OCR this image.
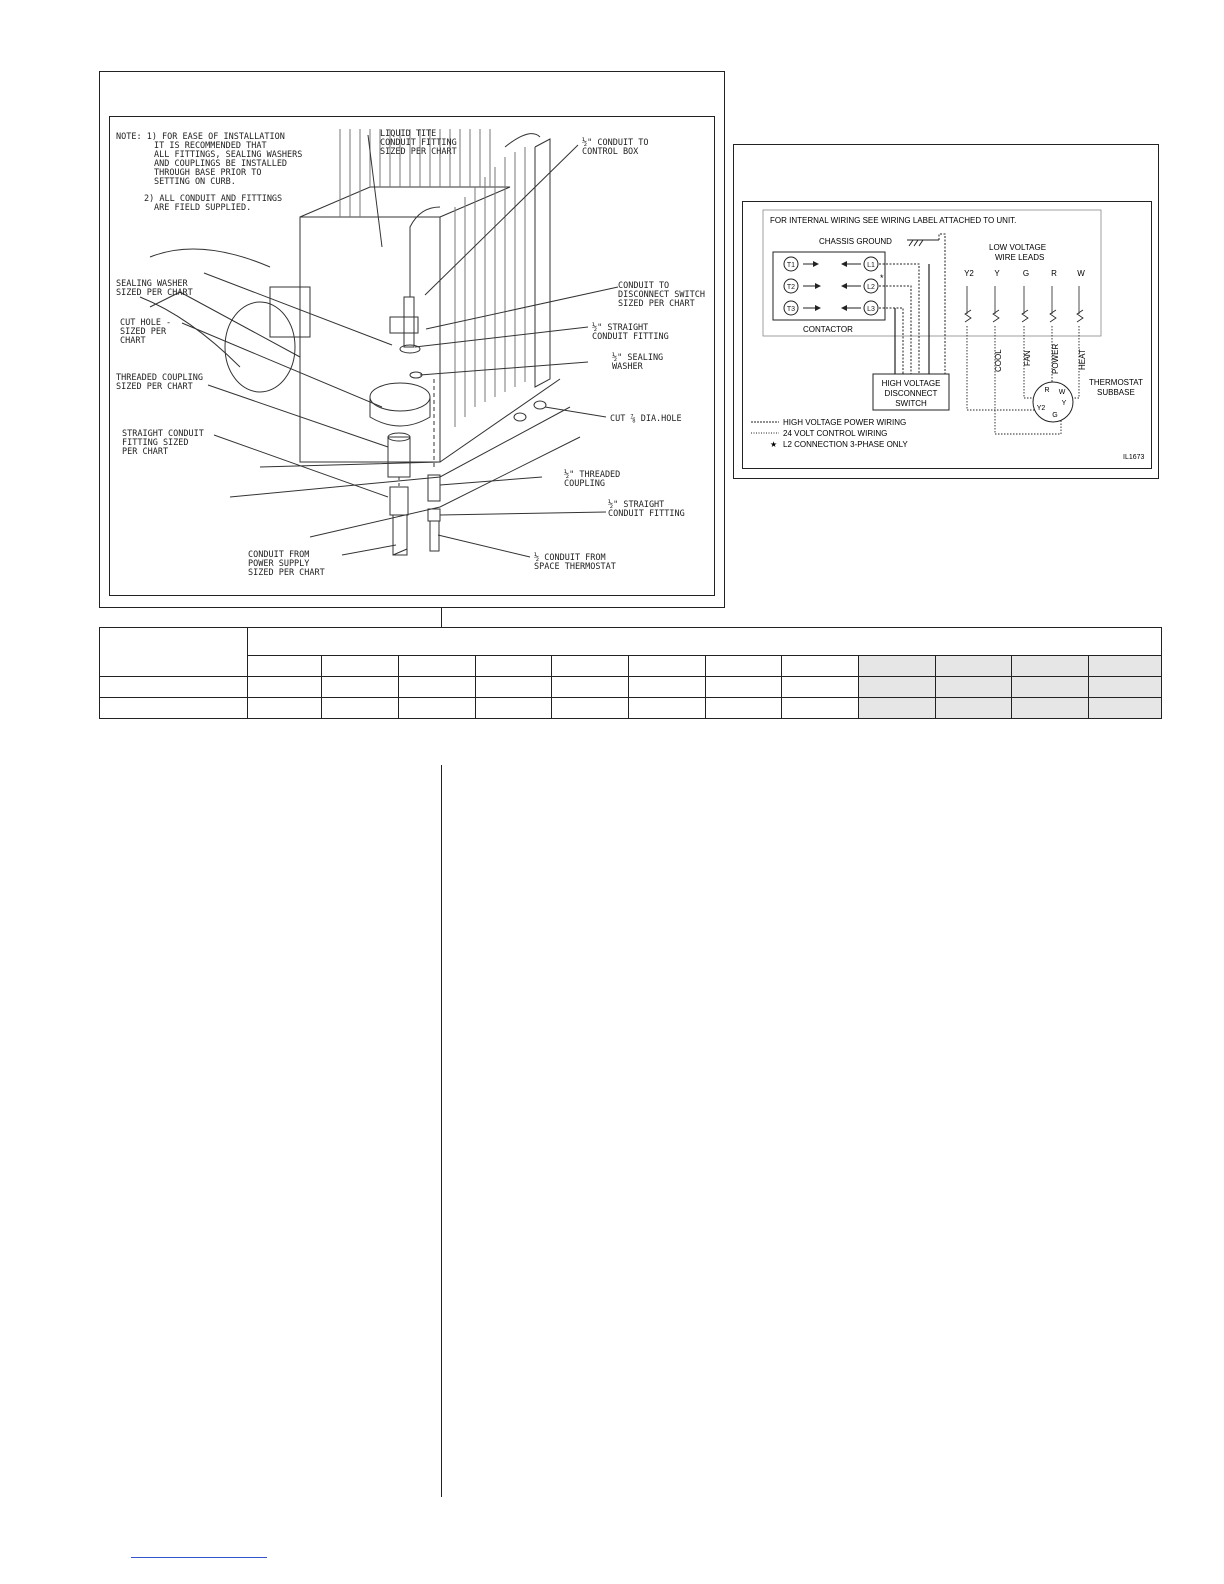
NOTE: 1) FOR EASE OF INSTALLATION
IT IS RECOMMENDED THAT
ALL FITTINGS, SEALING WASHERS
AND COUPLINGS BE INSTALLED
THROUGH BASE PRIOR TO
SETTING ON CURB.
2) ALL CONDUIT AND FITTINGS
ARE FIELD SUPPLIED.
LIQUID TITE
CONDUIT FITTING
SIZED PER CHART
½" CONDUIT TO
CONTROL BOX
SEALING WASHER
SIZED PER CHART
CUT HOLE -
SIZED PER
CHART
THREADED COUPLING
SIZED PER CHART
STRAIGHT CONDUIT
FITTING SIZED
PER CHART
CONDUIT TO
DISCONNECT SWITCH
SIZED PER CHART
½" STRAIGHT
CONDUIT FITTING
½" SEALING
WASHER
CUT ⅞ DIA.HOLE
½" THREADED
COUPLING
½" STRAIGHT
CONDUIT FITTING
CONDUIT FROM
POWER SUPPLY
SIZED PER CHART
½ CONDUIT FROM
SPACE THERMOSTAT
FOR INTERNAL WIRING SEE WIRING LABEL ATTACHED TO UNIT.
CHASSIS GROUND
LOW VOLTAGE
WIRE LEADS
CONTACTOR
T1
T2
T3
L1
L2
L3
*
HIGH VOLTAGE
DISCONNECT
SWITCH
Y2	Y	G	R	W
COOL	FAN POWER HEAT
R W
Y
Y2
G
THERMOSTAT
SUBBASE
HIGH VOLTAGE POWER WIRING
24 VOLT CONTROL WIRING
★ L2 CONNECTION 3-PHASE ONLY
IL1673
